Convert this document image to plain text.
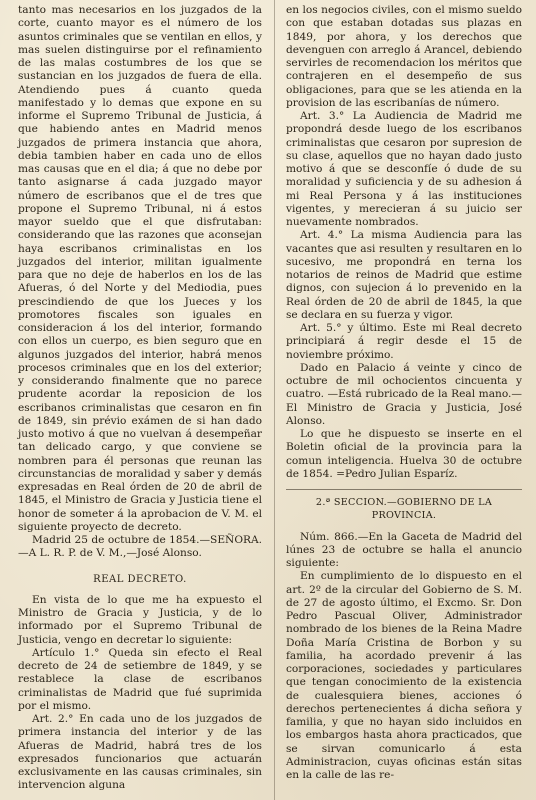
tanto mas necesarios en los juzgados de la corte, cuanto mayor es el número de los asuntos criminales que se ventilan en ellos, y mas suelen distinguirse por el refinamiento de las malas costumbres de los que se sustancian en los juzgados de fuera de ella. Atendiendo pues á cuanto queda manifestado y lo demas que expone en su informe el Supremo Tribunal de Justicia, á que habiendo antes en Madrid menos juzgados de primera instancia que ahora, debia tambien haber en cada uno de ellos mas causas que en el dia; á que no debe por tanto asignarse á cada juzgado mayor número de escribanos que el de tres que propone el Supremo Tribunal, ni á estos mayor sueldo que el que disfrutaban: considerando que las razones que aconsejan haya escribanos criminalistas en los juzgados del interior, militan igualmente para que no deje de haberlos en los de las Afueras, ó del Norte y del Mediodia, pues prescindiendo de que los Jueces y los promotores fiscales son iguales en consideracion á los del interior, formando con ellos un cuerpo, es bien seguro que en algunos juzgados del interior, habrá menos procesos criminales que en los del exterior; y considerando finalmente que no parece prudente acordar la reposicion de los escribanos criminalistas que cesaron en fin de 1849, sin prévio exámen de si han dado justo motivo á que no vuelvan á desempeñar tan delicado cargo, y que conviene se nombren para él personas que reunan las circunstancias de moralidad y saber y demás expresadas en Real órden de 20 de abril de 1845, el Ministro de Gracia y Justicia tiene el honor de someter á la aprobacion de V. M. el siguiente proyecto de decreto.

Madrid 25 de octubre de 1854.—SEÑORA.—A L. R. P. de V. M.,—José Alonso.

REAL DECRETO.

En vista de lo que me ha expuesto el Ministro de Gracia y Justicia, y de lo informado por el Supremo Tribunal de Justicia, vengo en decretar lo siguiente:

Artículo 1.° Queda sin efecto el Real decreto de 24 de setiembre de 1849, y se restablece la clase de escribanos criminalistas de Madrid que fué suprimida por el mismo.

Art. 2.° En cada uno de los juzgados de primera instancia del interior y de las Afueras de Madrid, habrá tres de los expresados funcionarios que actuarán exclusivamente en las causas criminales, sin intervencion alguna

en los negocios civiles, con el mismo sueldo con que estaban dotadas sus plazas en 1849, por ahora, y los derechos que devenguen con arreglo á Arancel, debiendo servirles de recomendacion los méritos que contrajeren en el desempeño de sus obligaciones, para que se les atienda en la provision de las escribanías de número.

Art. 3.° La Audiencia de Madrid me propondrá desde luego de los escribanos criminalistas que cesaron por supresion de su clase, aquellos que no hayan dado justo motivo á que se desconfíe ó dude de su moralidad y suficiencia y de su adhesion á mi Real Persona y á las instituciones vigentes, y merecieran á su juicio ser nuevamente nombrados.

Art. 4.° La misma Audiencia para las vacantes que asi resulten y resultaren en lo sucesivo, me propondrá en terna los notarios de reinos de Madrid que estime dignos, con sujecion á lo prevenido en la Real órden de 20 de abril de 1845, la que se declara en su fuerza y vigor.

Art. 5.° y último. Este mi Real decreto principiará á regir desde el 15 de noviembre próximo.

Dado en Palacio á veinte y cinco de octubre de mil ochocientos cincuenta y cuatro. —Está rubricado de la Real mano.—El Ministro de Gracia y Justicia, José Alonso.

Lo que he dispuesto se inserte en el Boletin oficial de la provincia para la comun inteligencia. Huelva 30 de octubre de 1854. =Pedro Julian Esparíz.

2.ª SECCION.—GOBIERNO DE LA PROVINCIA.

Núm. 866.—En la Gaceta de Madrid del lúnes 23 de octubre se halla el anuncio siguiente:

En cumplimiento de lo dispuesto en el art. 2º de la circular del Gobierno de S. M. de 27 de agosto último, el Excmo. Sr. Don Pedro Pascual Oliver, Administrador nombrado de los bienes de la Reina Madre Doña María Cristina de Borbon y su familia, ha acordado prevenir á las corporaciones, sociedades y particulares que tengan conocimiento de la existencia de cualesquiera bienes, acciones ó derechos pertenecientes á dicha señora y familia, y que no hayan sido incluidos en los embargos hasta ahora practicados, que se sirvan comunicarlo á esta Administracion, cuyas oficinas están sitas en la calle de las re-
